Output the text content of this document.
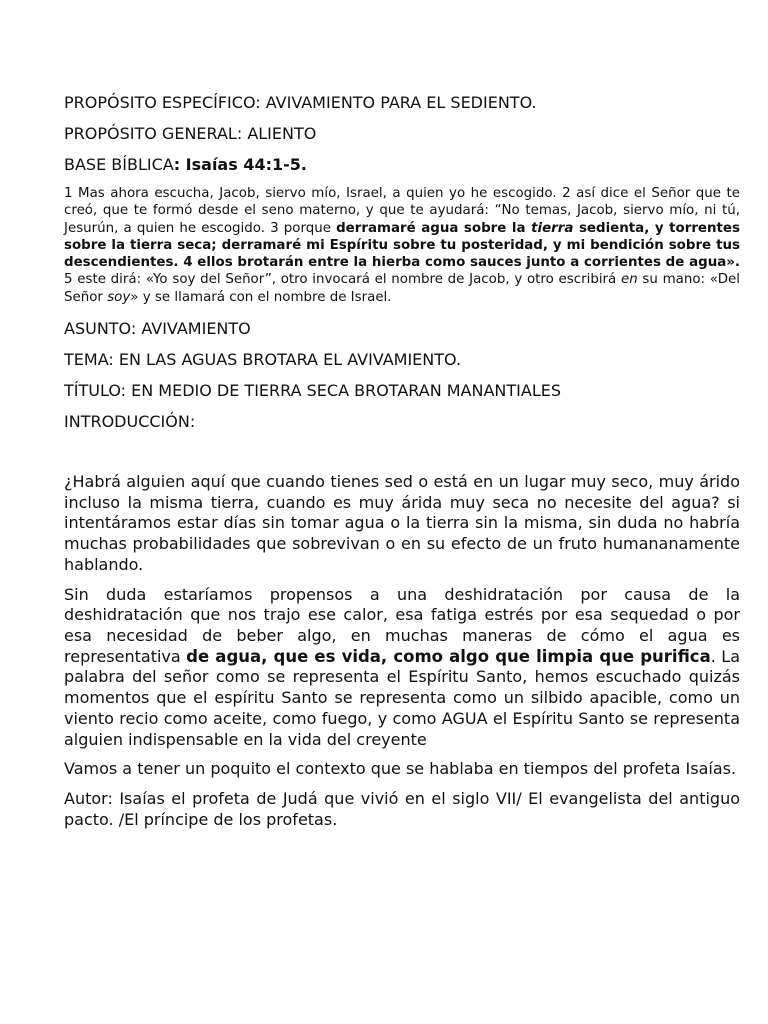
PROPÓSITO ESPECÍFICO: AVIVAMIENTO PARA EL SEDIENTO.
PROPÓSITO GENERAL: ALIENTO
BASE BÍBLICA: Isaías 44:1-5.
1 Mas ahora escucha, Jacob, siervo mío, Israel, a quien yo he escogido. 2 así dice el Señor que te creó, que te formó desde el seno materno, y que te ayudará: “No temas, Jacob, siervo mío, ni tú, Jesurún, a quien he escogido. 3 porque derramaré agua sobre la tierra sedienta, y torrentes sobre la tierra seca; derramaré mi Espíritu sobre tu posteridad, y mi bendición sobre tus descendientes. 4 ellos brotarán entre la hierba como sauces junto a corrientes de agua». 5 este dirá: «Yo soy del Señor”, otro invocará el nombre de Jacob, y otro escribirá en su mano: «Del Señor soy» y se llamará con el nombre de Israel.
ASUNTO: AVIVAMIENTO
TEMA: EN LAS AGUAS BROTARA EL AVIVAMIENTO.
TÍTULO: EN MEDIO DE TIERRA SECA BROTARAN MANANTIALES
INTRODUCCIÓN:

¿Habrá alguien aquí que cuando tienes sed o está en un lugar muy seco, muy árido incluso la misma tierra, cuando es muy árida muy seca no necesite del agua? si intentáramos estar días sin tomar agua o la tierra sin la misma, sin duda no habría muchas probabilidades que sobrevivan o en su efecto de un fruto humananamente hablando.

Sin duda estaríamos propensos a una deshidratación por causa de la deshidratación que nos trajo ese calor, esa fatiga estrés por esa sequedad o por esa necesidad de beber algo, en muchas maneras de cómo el agua es representativa de agua, que es vida, como algo que limpia que purifica. La palabra del señor como se representa el Espíritu Santo, hemos escuchado quizás momentos que el espíritu Santo se representa como un silbido apacible, como un viento recio como aceite, como fuego, y como AGUA el Espíritu Santo se representa alguien indispensable en la vida del creyente

Vamos a tener un poquito el contexto que se hablaba en tiempos del profeta Isaías.

Autor: Isaías el profeta de Judá que vivió en el siglo VII/ El evangelista del antiguo pacto. /El príncipe de los profetas.
